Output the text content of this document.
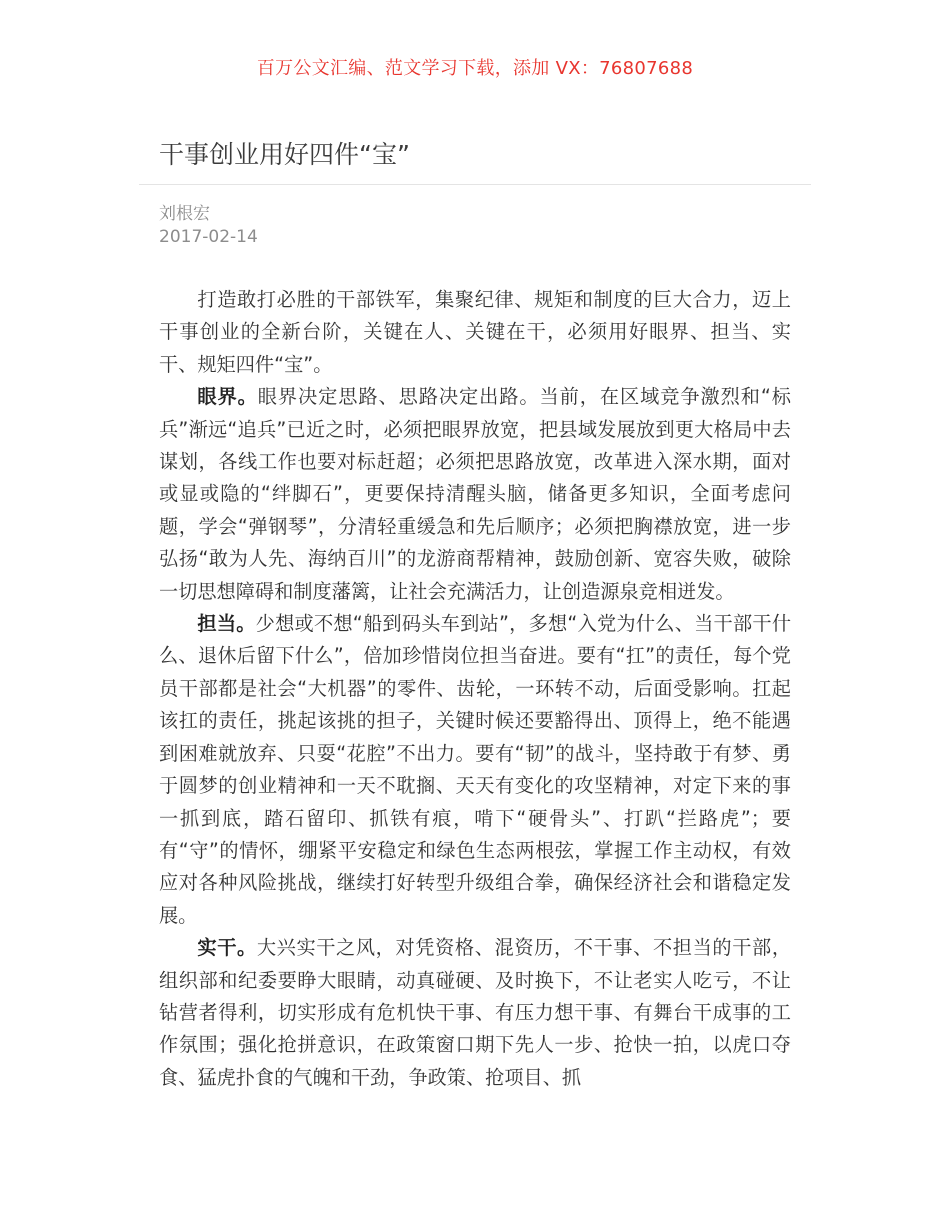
百万公文汇编、范文学习下载，添加 VX：76807688
干事创业用好四件“宝”
刘根宏
2017-02-14

打造敢打必胜的干部铁军，集聚纪律、规矩和制度的巨大合力，迈上干事创业的全新台阶，关键在人、关键在干，必须用好眼界、担当、实干、规矩四件“宝”。

眼界。眼界决定思路、思路决定出路。当前，在区域竞争激烈和“标兵”渐远“追兵”已近之时，必须把眼界放宽，把县域发展放到更大格局中去谋划，各线工作也要对标赶超；必须把思路放宽，改革进入深水期，面对或显或隐的“绊脚石”，更要保持清醒头脑，储备更多知识，全面考虑问题，学会“弹钢琴”，分清轻重缓急和先后顺序；必须把胸襟放宽，进一步弘扬“敢为人先、海纳百川”的龙游商帮精神，鼓励创新、宽容失败，破除一切思想障碍和制度藩篱，让社会充满活力，让创造源泉竞相迸发。

担当。少想或不想“船到码头车到站”，多想“入党为什么、当干部干什么、退休后留下什么”，倍加珍惜岗位担当奋进。要有“扛”的责任，每个党员干部都是社会“大机器”的零件、齿轮，一环转不动，后面受影响。扛起该扛的责任，挑起该挑的担子，关键时候还要豁得出、顶得上，绝不能遇到困难就放弃、只耍“花腔”不出力。要有“韧”的战斗，坚持敢于有梦、勇于圆梦的创业精神和一天不耽搁、天天有变化的攻坚精神，对定下来的事一抓到底，踏石留印、抓铁有痕，啃下“硬骨头”、打趴“拦路虎”；要有“守”的情怀，绷紧平安稳定和绿色生态两根弦，掌握工作主动权，有效应对各种风险挑战，继续打好转型升级组合拳，确保经济社会和谐稳定发展。

实干。大兴实干之风，对凭资格、混资历，不干事、不担当的干部，组织部和纪委要睁大眼睛，动真碰硬、及时换下，不让老实人吃亏，不让钻营者得利，切实形成有危机快干事、有压力想干事、有舞台干成事的工作氛围；强化抢拼意识，在政策窗口期下先人一步、抢快一拍，以虎口夺食、猛虎扑食的气魄和干劲，争政策、抢项目、抓
